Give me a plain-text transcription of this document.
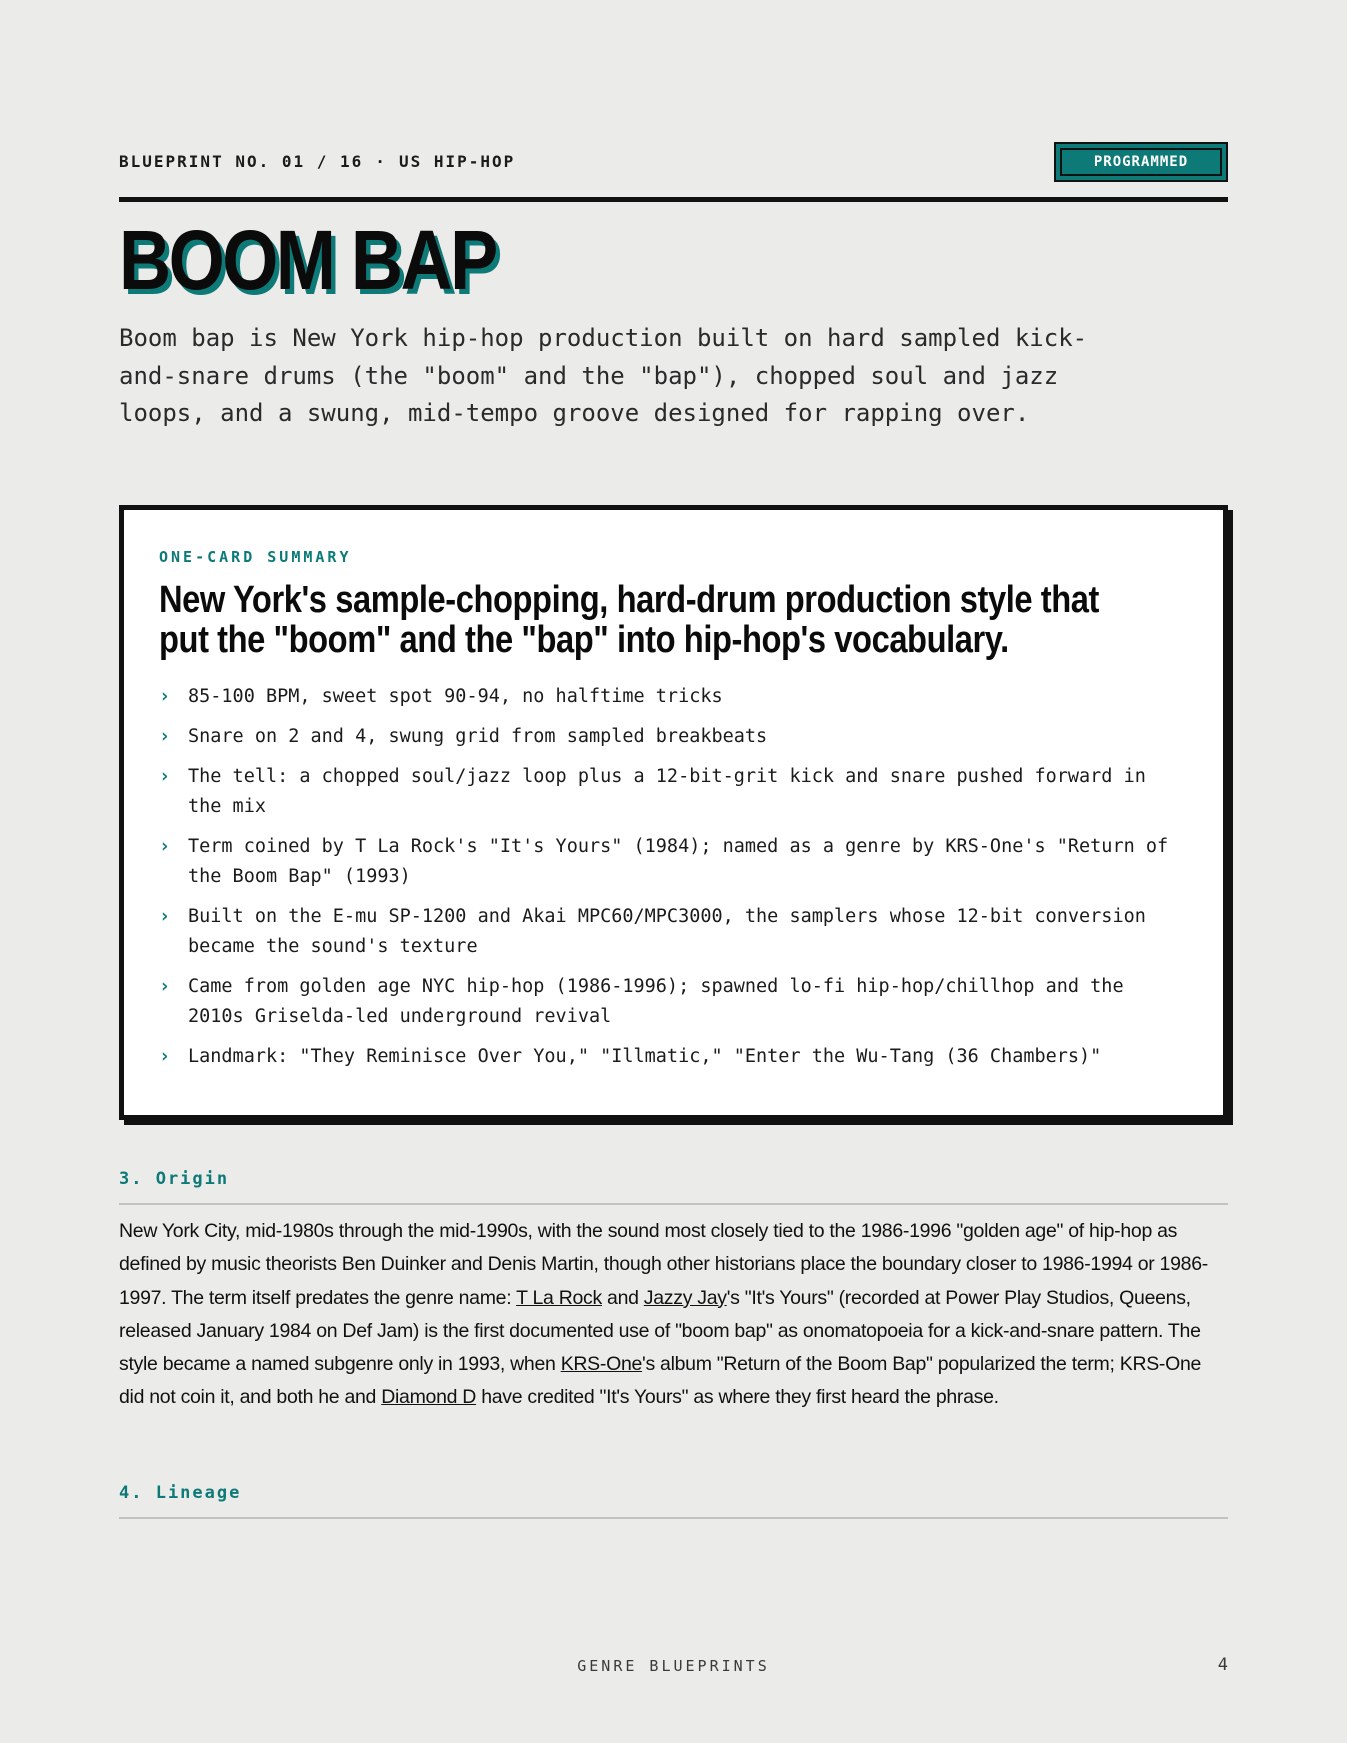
BLUEPRINT NO. 01 / 16 · US HIP-HOP	PROGRAMMED
BOOM BAP

Boom bap is New York hip-hop production built on hard sampled kick-and-snare drums (the "boom" and the "bap"), chopped soul and jazz loops, and a swung, mid-tempo groove designed for rapping over.

ONE-CARD SUMMARY
New York's sample-chopping, hard-drum production style that put the "boom" and the "bap" into hip-hop's vocabulary.
› 85-100 BPM, sweet spot 90-94, no halftime tricks
› Snare on 2 and 4, swung grid from sampled breakbeats
› The tell: a chopped soul/jazz loop plus a 12-bit-grit kick and snare pushed forward in the mix
› Term coined by T La Rock's "It's Yours" (1984); named as a genre by KRS-One's "Return of the Boom Bap" (1993)
› Built on the E-mu SP-1200 and Akai MPC60/MPC3000, the samplers whose 12-bit conversion became the sound's texture
› Came from golden age NYC hip-hop (1986-1996); spawned lo-fi hip-hop/chillhop and the 2010s Griselda-led underground revival
› Landmark: "They Reminisce Over You," "Illmatic," "Enter the Wu-Tang (36 Chambers)"
3. Origin

New York City, mid-1980s through the mid-1990s, with the sound most closely tied to the 1986-1996 "golden age" of hip-hop as defined by music theorists Ben Duinker and Denis Martin, though other historians place the boundary closer to 1986-1994 or 1986-1997. The term itself predates the genre name: T La Rock and Jazzy Jay's "It's Yours" (recorded at Power Play Studios, Queens, released January 1984 on Def Jam) is the first documented use of "boom bap" as onomatopoeia for a kick-and-snare pattern. The style became a named subgenre only in 1993, when KRS-One's album "Return of the Boom Bap" popularized the term; KRS-One did not coin it, and both he and Diamond D have credited "It's Yours" as where they first heard the phrase.

4. Lineage
GENRE BLUEPRINTS	4
